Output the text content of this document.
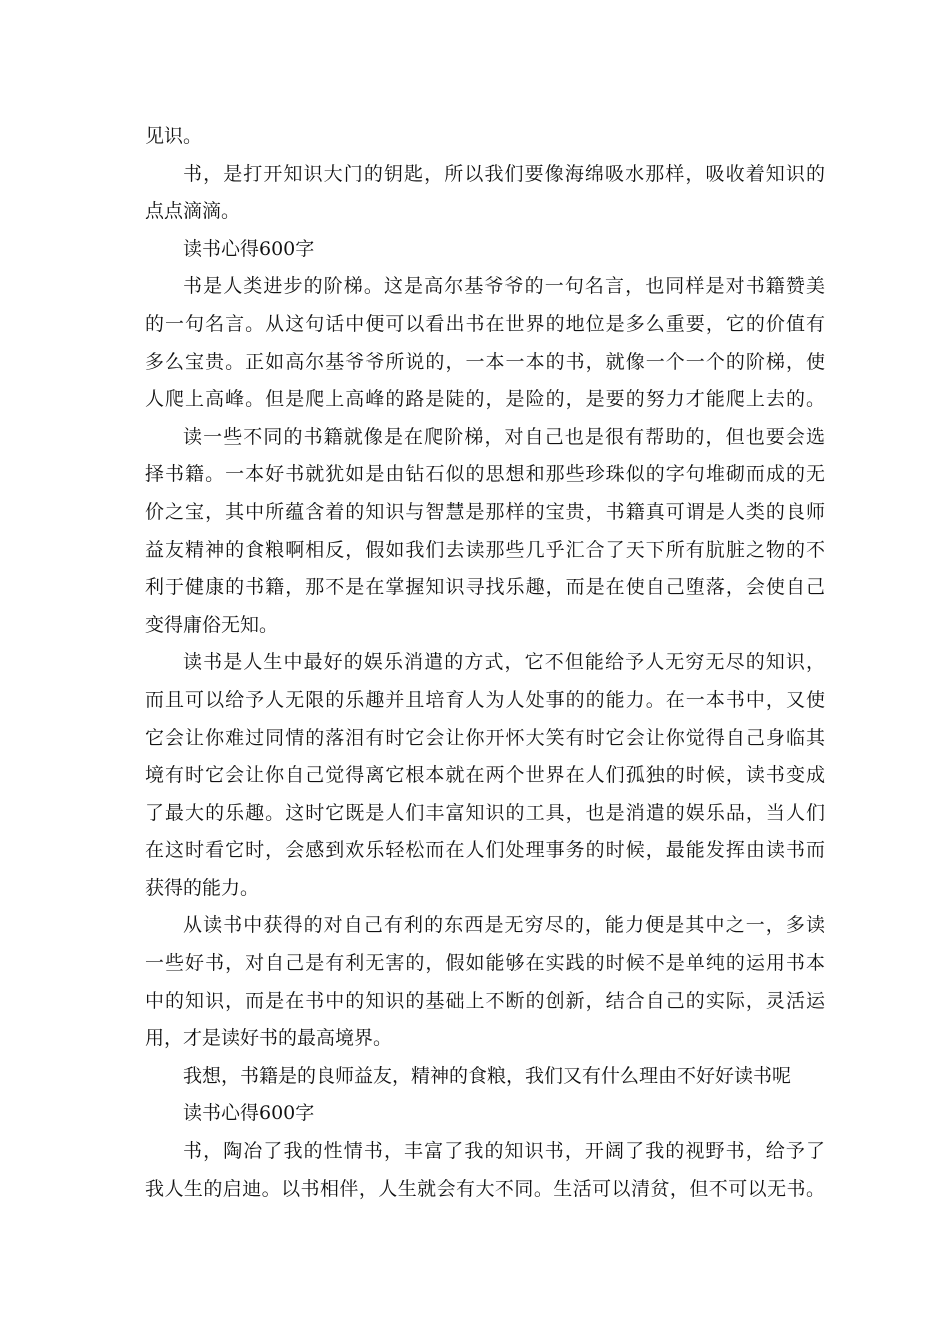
见识。
书，是打开知识大门的钥匙，所以我们要像海绵吸水那样，吸收着知识的
点点滴滴。
读书心得600字
书是人类进步的阶梯。这是高尔基爷爷的一句名言，也同样是对书籍赞美
的一句名言。从这句话中便可以看出书在世界的地位是多么重要，它的价值有
多么宝贵。正如高尔基爷爷所说的，一本一本的书，就像一个一个的阶梯，使
人爬上高峰。但是爬上高峰的路是陡的，是险的，是要的努力才能爬上去的。
读一些不同的书籍就像是在爬阶梯，对自己也是很有帮助的，但也要会选
择书籍。一本好书就犹如是由钻石似的思想和那些珍珠似的字句堆砌而成的无
价之宝，其中所蕴含着的知识与智慧是那样的宝贵，书籍真可谓是人类的良师
益友精神的食粮啊相反，假如我们去读那些几乎汇合了天下所有肮脏之物的不
利于健康的书籍，那不是在掌握知识寻找乐趣，而是在使自己堕落，会使自己
变得庸俗无知。
读书是人生中最好的娱乐消遣的方式，它不但能给予人无穷无尽的知识，
而且可以给予人无限的乐趣并且培育人为人处事的的能力。在一本书中，又使
它会让你难过同情的落泪有时它会让你开怀大笑有时它会让你觉得自己身临其
境有时它会让你自己觉得离它根本就在两个世界在人们孤独的时候，读书变成
了最大的乐趣。这时它既是人们丰富知识的工具，也是消遣的娱乐品，当人们
在这时看它时，会感到欢乐轻松而在人们处理事务的时候，最能发挥由读书而
获得的能力。
从读书中获得的对自己有利的东西是无穷尽的，能力便是其中之一，多读
一些好书，对自己是有利无害的，假如能够在实践的时候不是单纯的运用书本
中的知识，而是在书中的知识的基础上不断的创新，结合自己的实际，灵活运
用，才是读好书的最高境界。
我想，书籍是的良师益友，精神的食粮，我们又有什么理由不好好读书呢
读书心得600字
书，陶冶了我的性情书，丰富了我的知识书，开阔了我的视野书，给予了
我人生的启迪。以书相伴，人生就会有大不同。生活可以清贫，但不可以无书。
